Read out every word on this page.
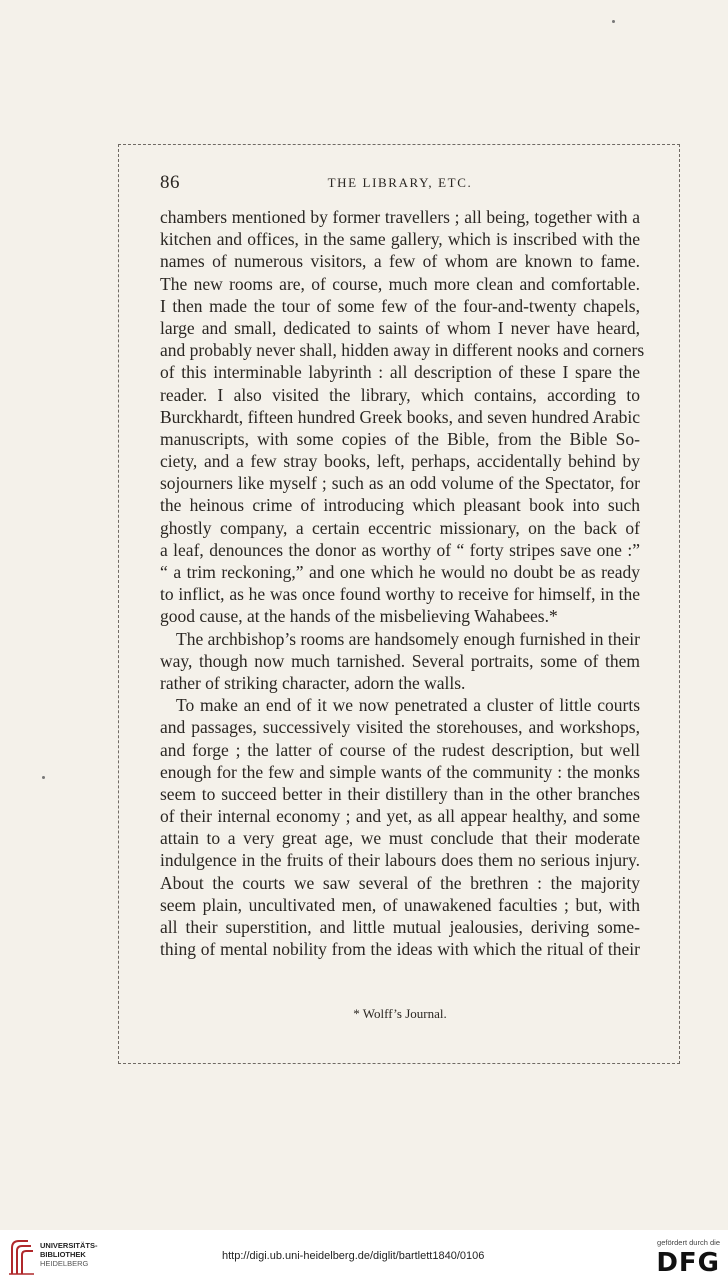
86	THE LIBRARY, ETC.
chambers mentioned by former travellers ; all being, together with a
kitchen and offices, in the same gallery, which is inscribed with the
names of numerous visitors, a few of whom are known to fame.
The new rooms are, of course, much more clean and comfortable.
I then made the tour of some few of the four-and-twenty chapels,
large and small, dedicated to saints of whom I never have heard,
and probably never shall, hidden away in different nooks and corners
of this interminable labyrinth : all description of these I spare the
reader. I also visited the library, which contains, according to
Burckhardt, fifteen hundred Greek books, and seven hundred Arabic
manuscripts, with some copies of the Bible, from the Bible So-
ciety, and a few stray books, left, perhaps, accidentally behind by
sojourners like myself ; such as an odd volume of the Spectator, for
the heinous crime of introducing which pleasant book into such
ghostly company, a certain eccentric missionary, on the back of
a leaf, denounces the donor as worthy of “ forty stripes save one :”
“ a trim reckoning,” and one which he would no doubt be as ready
to inflict, as he was once found worthy to receive for himself, in the
good cause, at the hands of the misbelieving Wahabees.*
The archbishop’s rooms are handsomely enough furnished in their
way, though now much tarnished. Several portraits, some of them
rather of striking character, adorn the walls.
To make an end of it we now penetrated a cluster of little courts
and passages, successively visited the storehouses, and workshops,
and forge ; the latter of course of the rudest description, but well
enough for the few and simple wants of the community : the monks
seem to succeed better in their distillery than in the other branches
of their internal economy ; and yet, as all appear healthy, and some
attain to a very great age, we must conclude that their moderate
indulgence in the fruits of their labours does them no serious injury.
About the courts we saw several of the brethren : the majority
seem plain, uncultivated men, of unawakened faculties ; but, with
all their superstition, and little mutual jealousies, deriving some-
thing of mental nobility from the ideas with which the ritual of their
* Wolff’s Journal.
UNIVERSITÄTS-
BIBLIOTHEK
HEIDELBERG
http://digi.ub.uni-heidelberg.de/diglit/bartlett1840/0106
gefördert durch die
DFG
